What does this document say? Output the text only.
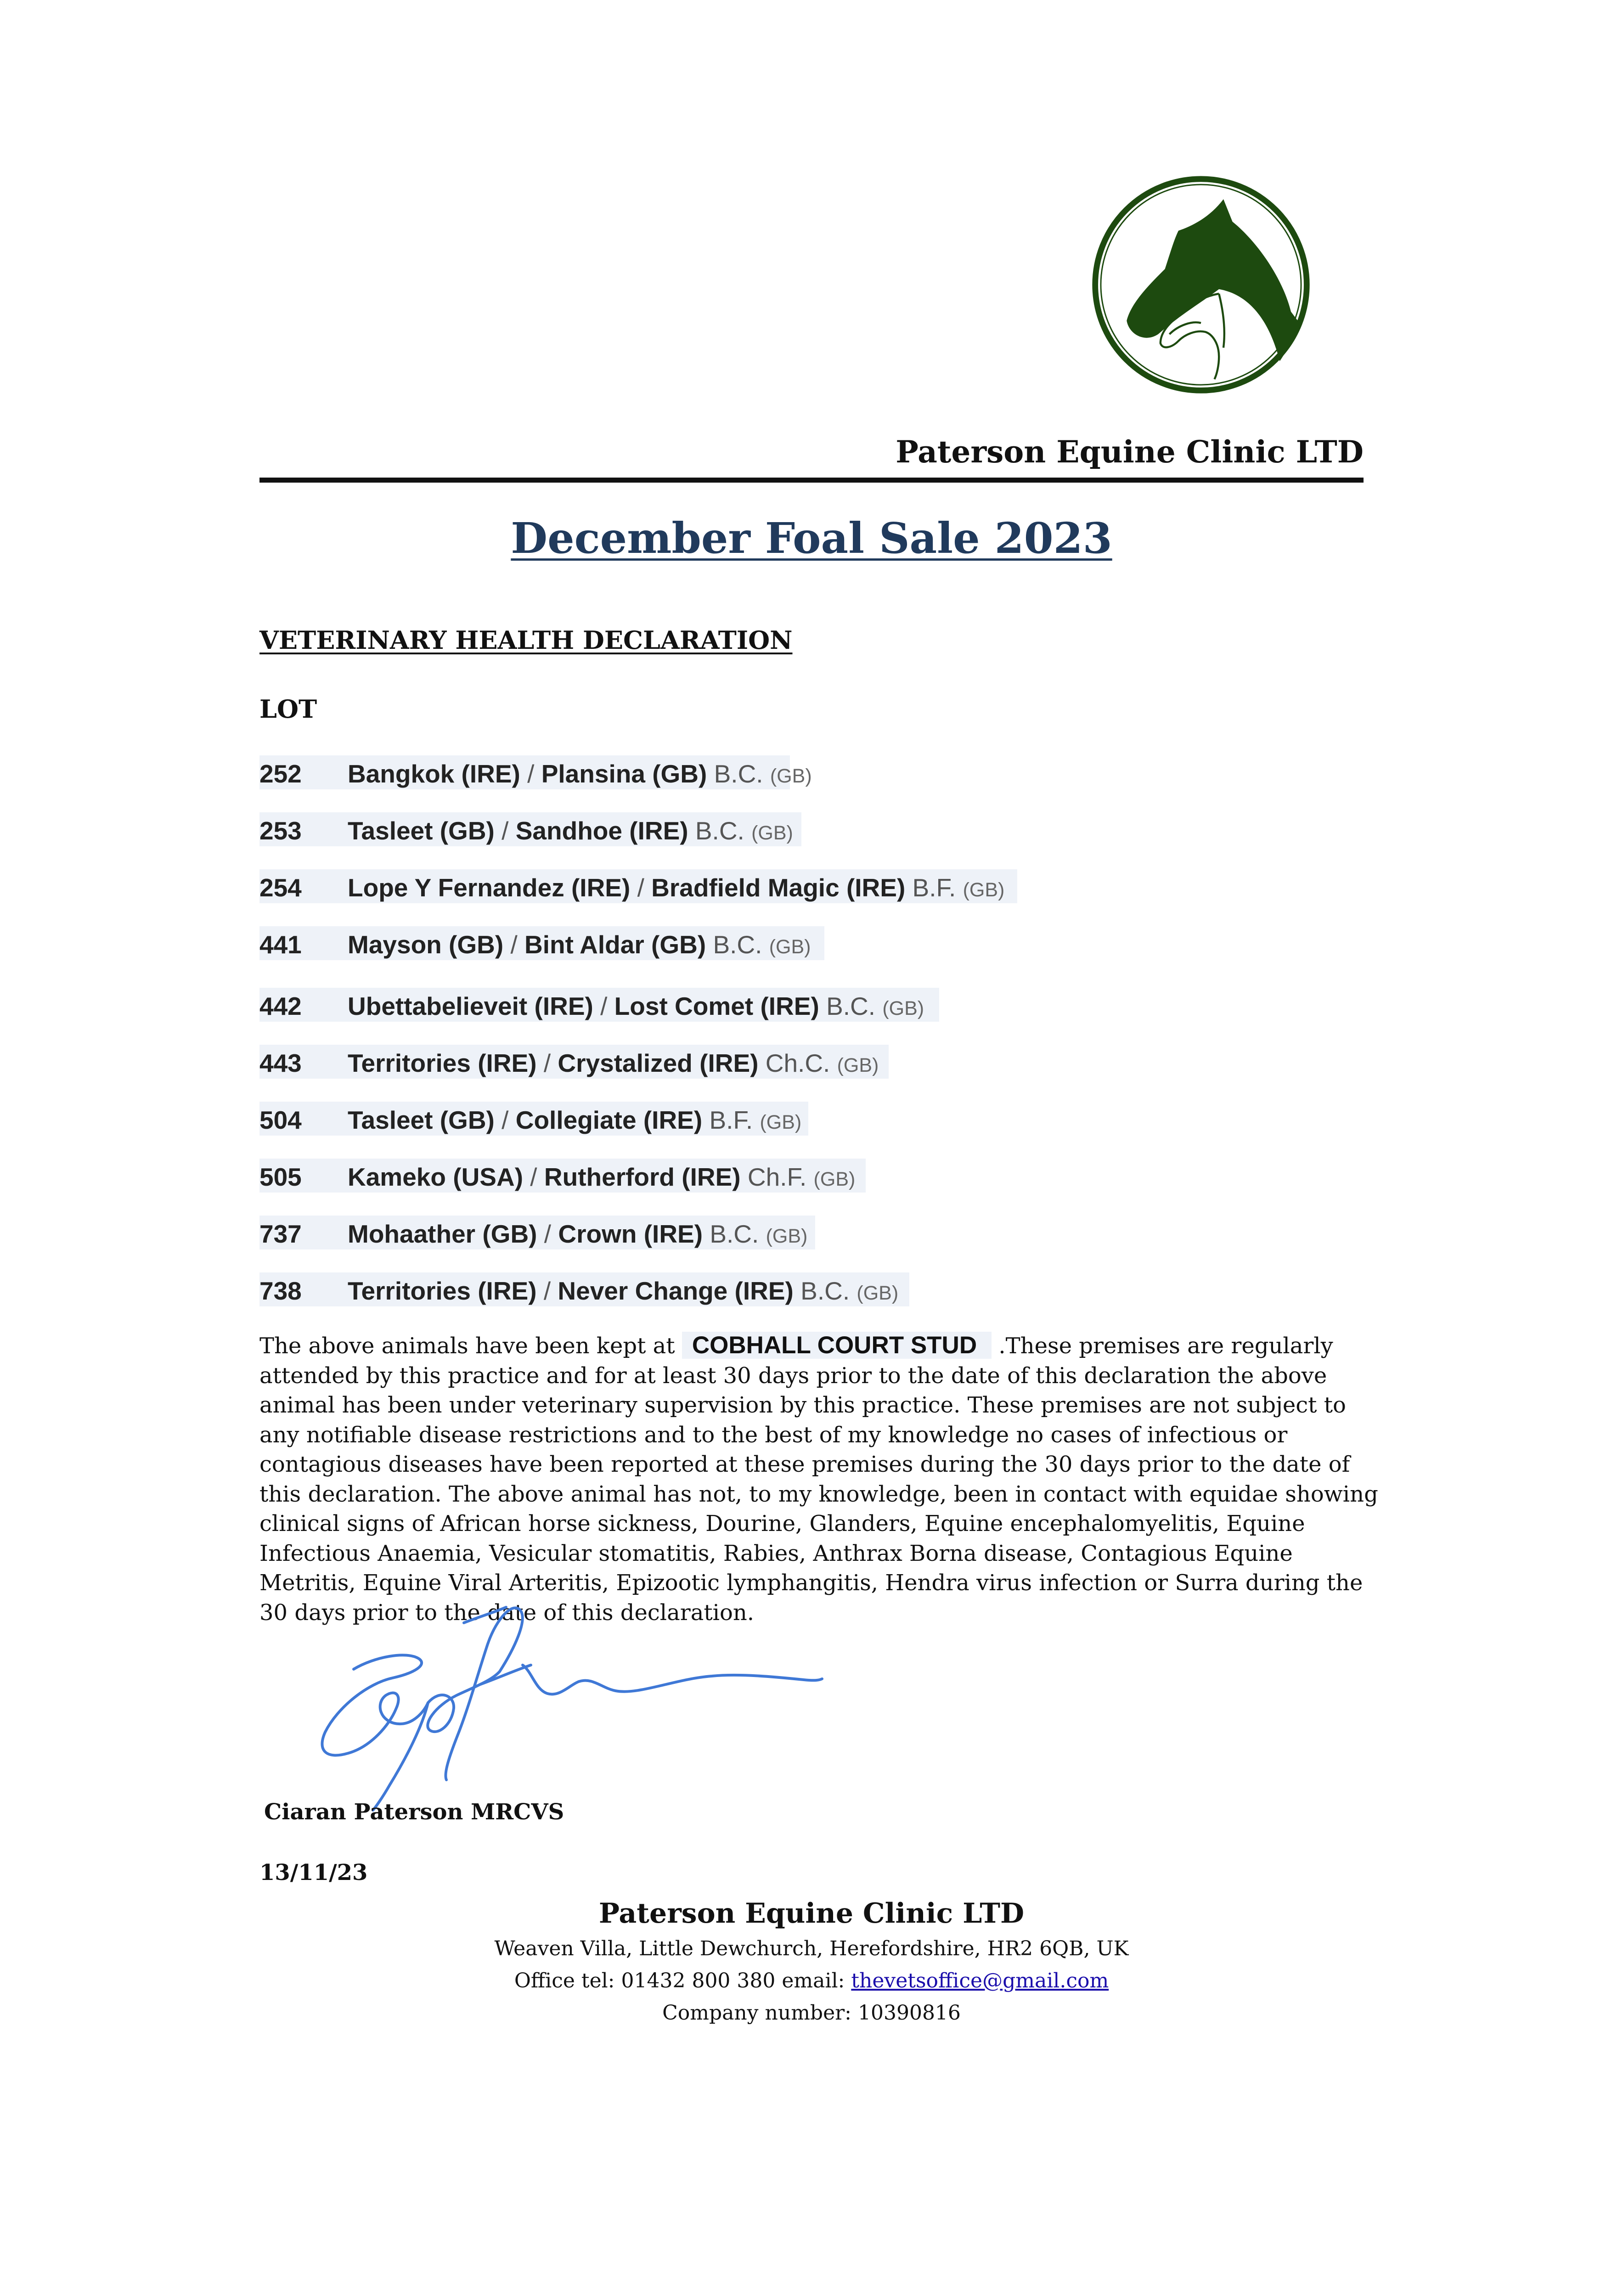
Paterson Equine Clinic LTD
December Foal Sale 2023
VETERINARY HEALTH DECLARATION
LOT
252 Bangkok (IRE) / Plansina (GB) B.C. (GB)
253 Tasleet (GB) / Sandhoe (IRE) B.C. (GB)
254 Lope Y Fernandez (IRE) / Bradfield Magic (IRE) B.F. (GB)
441 Mayson (GB) / Bint Aldar (GB) B.C. (GB)
442 Ubettabelieveit (IRE) / Lost Comet (IRE) B.C. (GB)
443 Territories (IRE) / Crystalized (IRE) Ch.C. (GB)
504 Tasleet (GB) / Collegiate (IRE) B.F. (GB)
505 Kameko (USA) / Rutherford (IRE) Ch.F. (GB)
737 Mohaather (GB) / Crown (IRE) B.C. (GB)
738 Territories (IRE) / Never Change (IRE) B.C. (GB)
The above animals have been kept at COBHALL COURT STUD .These premises are regularly attended by this practice and for at least 30 days prior to the date of this declaration the above animal has been under veterinary supervision by this practice. These premises are not subject to any notifiable disease restrictions and to the best of my knowledge no cases of infectious or contagious diseases have been reported at these premises during the 30 days prior to the date of this declaration. The above animal has not, to my knowledge, been in contact with equidae showing clinical signs of African horse sickness, Dourine, Glanders, Equine encephalomyelitis, Equine Infectious Anaemia, Vesicular stomatitis, Rabies, Anthrax Borna disease, Contagious Equine Metritis, Equine Viral Arteritis, Epizootic lymphangitis, Hendra virus infection or Surra during the 30 days prior to the date of this declaration.
Ciaran Paterson MRCVS
13/11/23
Paterson Equine Clinic LTD
Weaven Villa, Little Dewchurch, Herefordshire, HR2 6QB, UK
Office tel: 01432 800 380 email: thevetsoffice@gmail.com
Company number: 10390816
